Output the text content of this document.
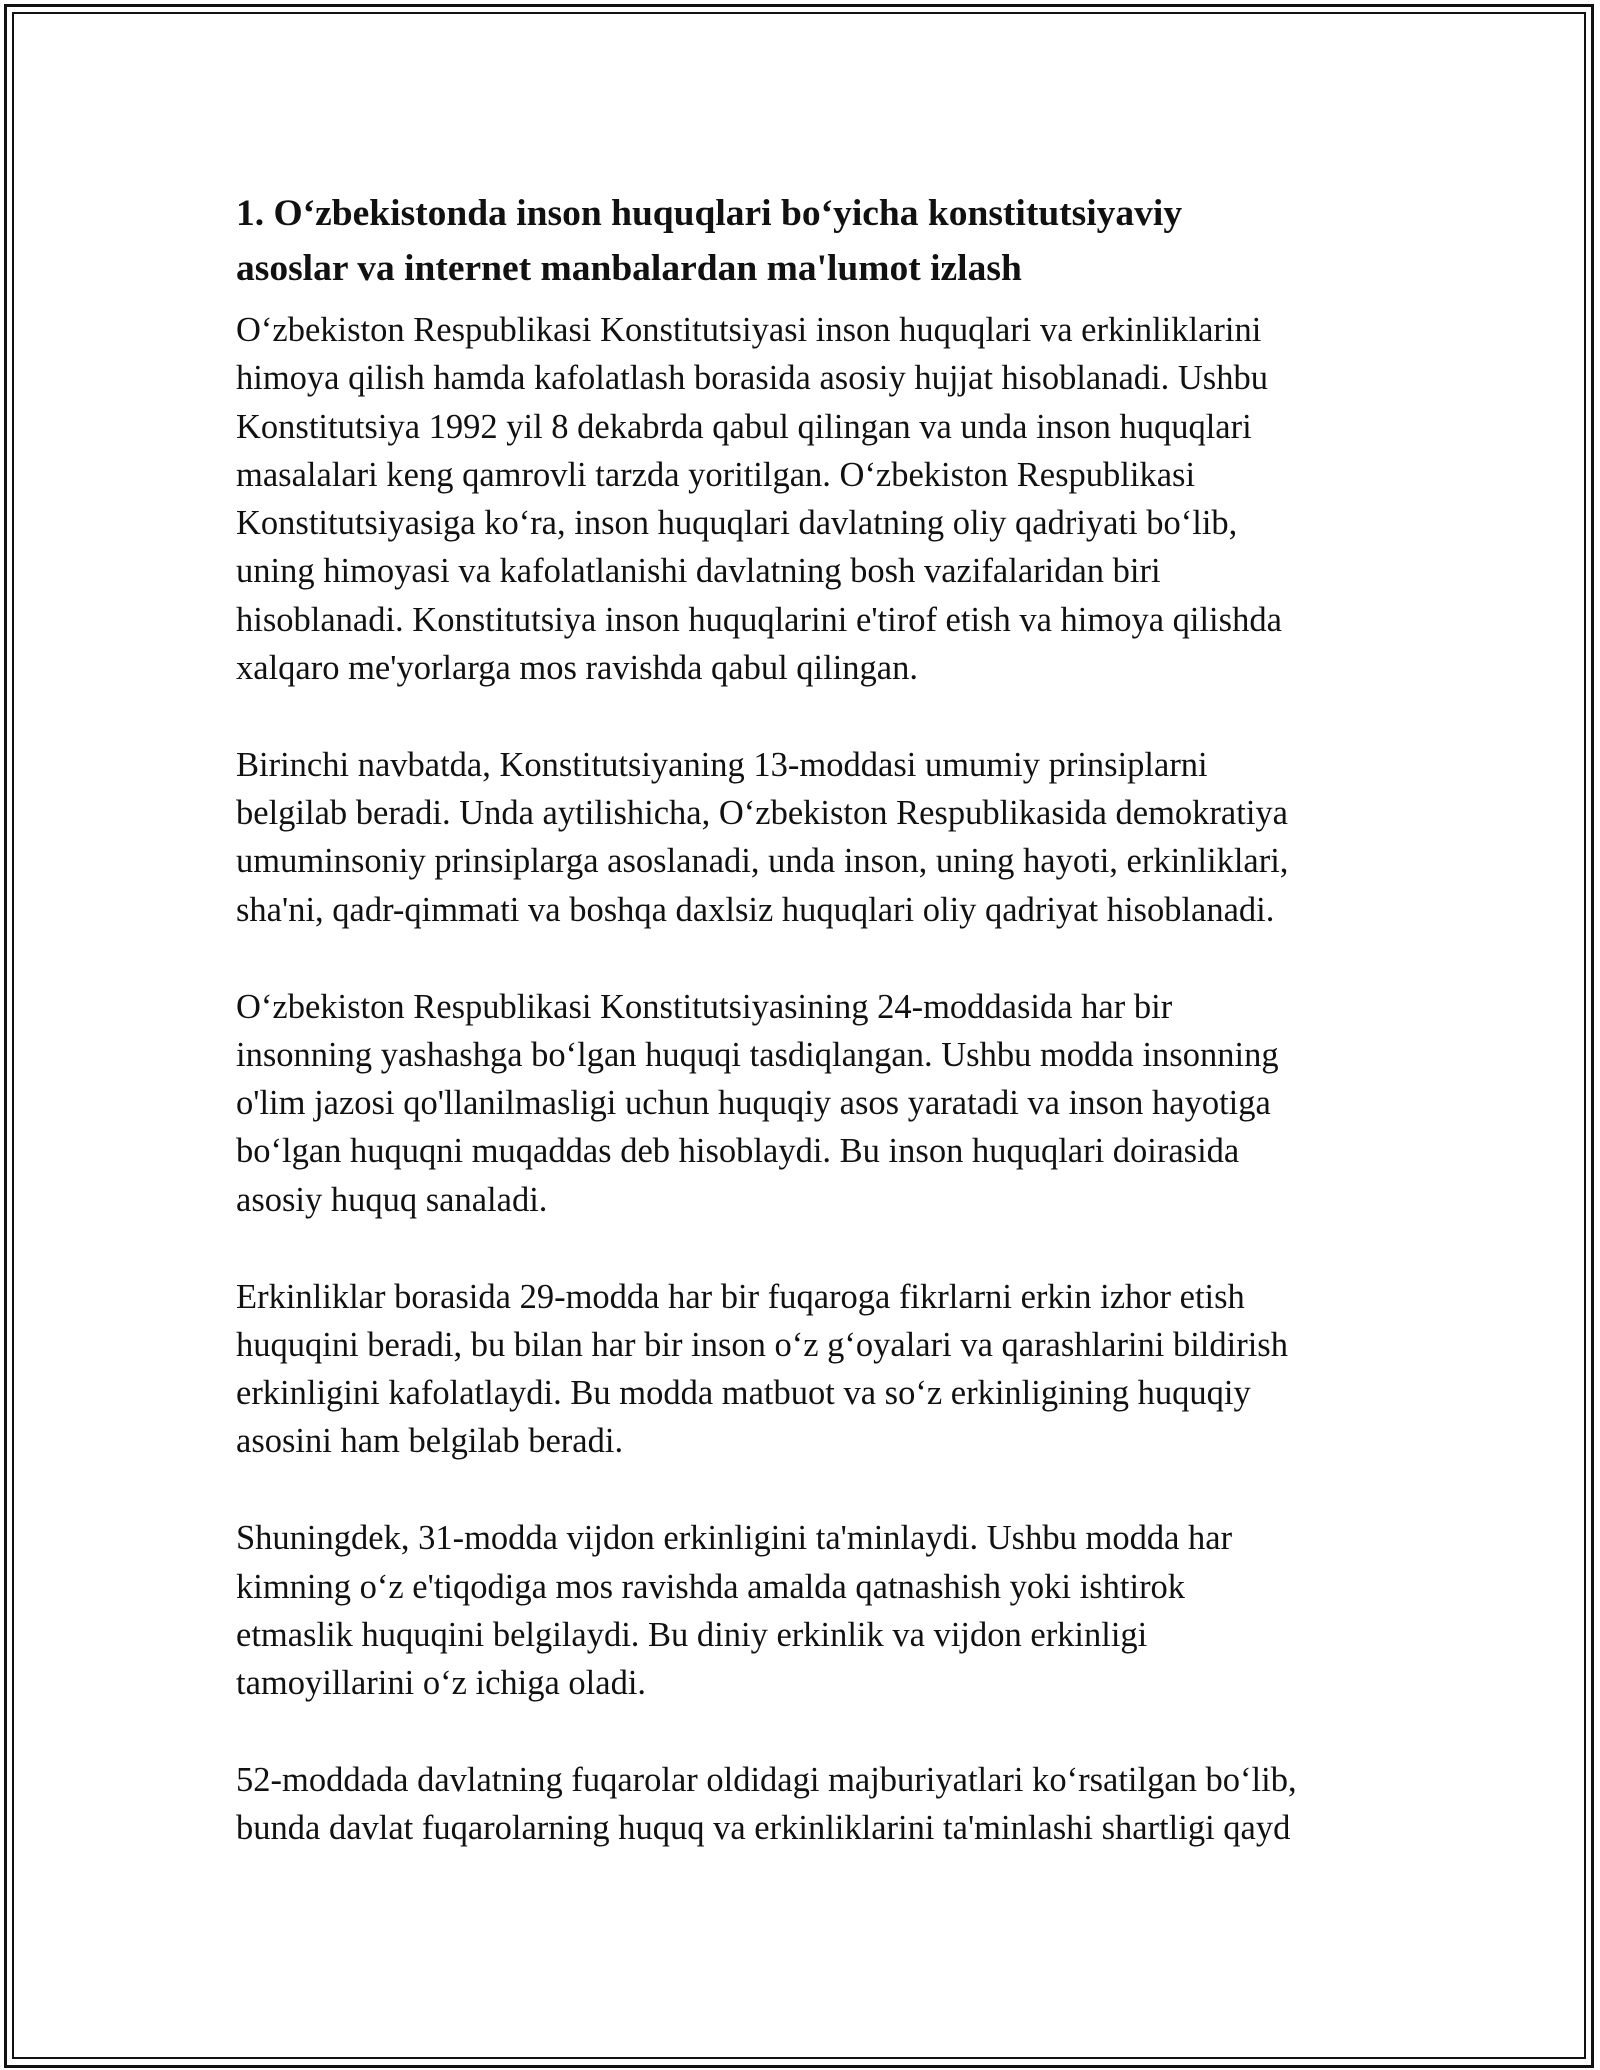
1. O‘zbekistonda inson huquqlari bo‘yicha konstitutsiyaviy
asoslar va internet manbalardan ma'lumot izlash

O‘zbekiston Respublikasi Konstitutsiyasi inson huquqlari va erkinliklarini
himoya qilish hamda kafolatlash borasida asosiy hujjat hisoblanadi. Ushbu
Konstitutsiya 1992 yil 8 dekabrda qabul qilingan va unda inson huquqlari
masalalari keng qamrovli tarzda yoritilgan. O‘zbekiston Respublikasi
Konstitutsiyasiga ko‘ra, inson huquqlari davlatning oliy qadriyati bo‘lib,
uning himoyasi va kafolatlanishi davlatning bosh vazifalaridan biri
hisoblanadi. Konstitutsiya inson huquqlarini e'tirof etish va himoya qilishda
xalqaro me'yorlarga mos ravishda qabul qilingan.

Birinchi navbatda, Konstitutsiyaning 13-moddasi umumiy prinsiplarni
belgilab beradi. Unda aytilishicha, O‘zbekiston Respublikasida demokratiya
umuminsoniy prinsiplarga asoslanadi, unda inson, uning hayoti, erkinliklari,
sha'ni, qadr-qimmati va boshqa daxlsiz huquqlari oliy qadriyat hisoblanadi.

O‘zbekiston Respublikasi Konstitutsiyasining 24-moddasida har bir
insonning yashashga bo‘lgan huquqi tasdiqlangan. Ushbu modda insonning
o'lim jazosi qo'llanilmasligi uchun huquqiy asos yaratadi va inson hayotiga
bo‘lgan huquqni muqaddas deb hisoblaydi. Bu inson huquqlari doirasida
asosiy huquq sanaladi.

Erkinliklar borasida 29-modda har bir fuqaroga fikrlarni erkin izhor etish
huquqini beradi, bu bilan har bir inson o‘z g‘oyalari va qarashlarini bildirish
erkinligini kafolatlaydi. Bu modda matbuot va so‘z erkinligining huquqiy
asosini ham belgilab beradi.

Shuningdek, 31-modda vijdon erkinligini ta'minlaydi. Ushbu modda har
kimning o‘z e'tiqodiga mos ravishda amalda qatnashish yoki ishtirok
etmaslik huquqini belgilaydi. Bu diniy erkinlik va vijdon erkinligi
tamoyillarini o‘z ichiga oladi.

52-moddada davlatning fuqarolar oldidagi majburiyatlari ko‘rsatilgan bo‘lib,
bunda davlat fuqarolarning huquq va erkinliklarini ta'minlashi shartligi qayd
